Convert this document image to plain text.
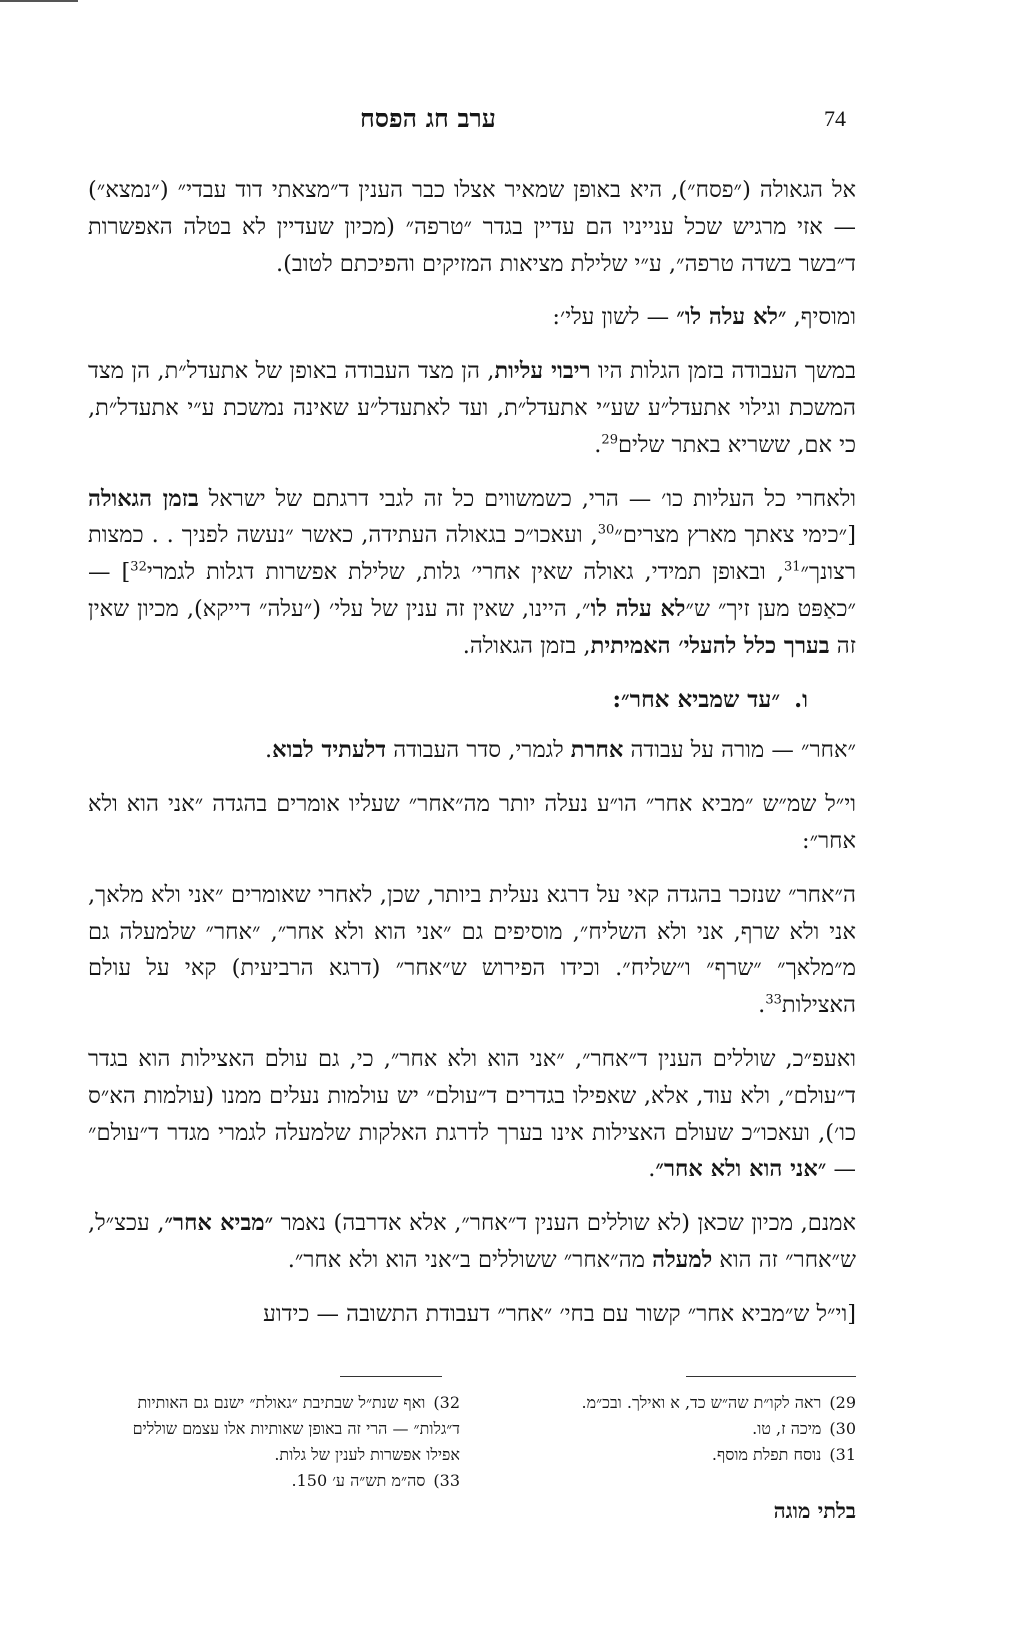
ערב חג הפסח	74

אל הגאולה (״פסח״), היא באופן שמאיר אצלו כבר הענין ד״מצאתי דוד עבדי״ (״נמצא״) — אזי מרגיש שכל ענייניו הם עדיין בגדר ״טרפה״ (מכיון שעדיין לא בטלה האפשרות ד״בשר בשדה טרפה״, ע״י שלילת מציאות המזיקים והפיכתם לטוב).

ומוסיף, ״לא עלה לו״ — לשון עלי׳:

במשך העבודה בזמן הגלות היו ריבוי עליות, הן מצד העבודה באופן של אתעדל״ת, הן מצד המשכת וגילוי אתעדל״ע שע״י אתעדל״ת, ועד לאתעדל״ע שאינה נמשכת ע״י אתעדל״ת, כי אם, ששריא באתר שלים$^{29}$.

ולאחרי כל העליות כו׳ — הרי, כשמשווים כל זה לגבי דרגתם של ישראל בזמן הגאולה [״כימי צאתך מארץ מצרים״$^{30}$, ועאכו״כ בגאולה העתידה, כאשר ״נעשה לפניך . . כמצות רצונך״$^{31}$, ובאופן תמידי, גאולה שאין אחרי׳ גלות, שלילת אפשרות דגלות לגמרי$^{32}$] — ״כאַפּט מען זיך״ ש״לא עלה לו״, היינו, שאין זה ענין של עלי׳ (״עלה״ דייקא), מכיון שאין זה בערך כלל להעלי׳ האמיתית, בזמן הגאולה.

ו.״עד שמביא אחר״:

״אחר״ — מורה על עבודה אחרת לגמרי, סדר העבודה דלעתיד לבוא.

וי״ל שמ״ש ״מביא אחר״ הו״ע נעלה יותר מה״אחר״ שעליו אומרים בהגדה ״אני הוא ולא אחר״:

ה״אחר״ שנזכר בהגדה קאי על דרגא נעלית ביותר, שכן, לאחרי שאומרים ״אני ולא מלאך, אני ולא שרף, אני ולא השליח״, מוסיפים גם ״אני הוא ולא אחר״, ״אחר״ שלמעלה גם מ״מלאך״ ״שרף״ ו״שליח״. וכידו הפירוש ש״אחר״ (דרגא הרביעית) קאי על עולם האצילות$^{33}$.

ואעפ״כ, שוללים הענין ד״אחר״, ״אני הוא ולא אחר״, כי, גם עולם האצילות הוא בגדר ד״עולם״, ולא עוד, אלא, שאפילו בגדרים ד״עולם״ יש עולמות נעלים ממנו (עולמות הא״ס כו׳), ועאכו״כ שעולם האצילות אינו בערך לדרגת האלקות שלמעלה לגמרי מגדר ד״עולם״ — ״אני הוא ולא אחר״.

אמנם, מכיון שכאן (לא שוללים הענין ד״אחר״, אלא אדרבה) נאמר ״מביא אחר״, עכצ״ל, ש״אחר״ זה הוא למעלה מה״אחר״ ששוללים ב״אני הוא ולא אחר״.

[וי״ל ש״מביא אחר״ קשור עם בחי׳ ״אחר״ דעבודת התשובה — כידוע

29)ראה לקו״ת שה״ש כד, א ואילך. ובכ״מ.
30)מיכה ז, טו.
31)נוסח תפלת מוסף.
32)ואף שנת״ל שבתיבת ״גאולת״ ישנם גם האותיות ד״גלות״ — הרי זה באופן שאותיות אלו עצמם שוללים אפילו אפשרות לענין של גלות.
33)סה״מ תש״ה ע׳ 150.
בלתי מוגה
